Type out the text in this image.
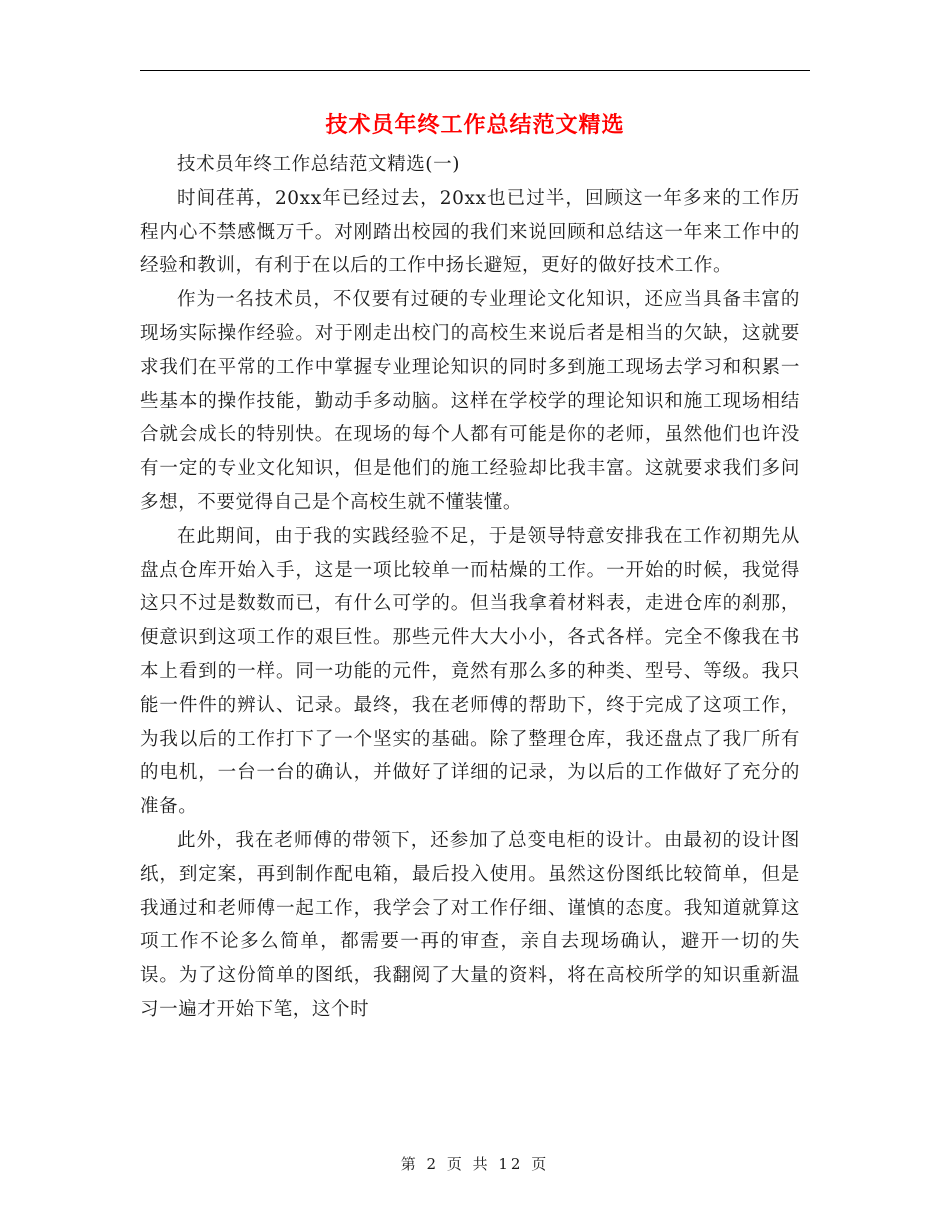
技术员年终工作总结范文精选

技术员年终工作总结范文精选(一)

时间荏苒，20xx年已经过去，20xx也已过半，回顾这一年多来的工作历程内心不禁感慨万千。对刚踏出校园的我们来说回顾和总结这一年来工作中的经验和教训，有利于在以后的工作中扬长避短，更好的做好技术工作。

作为一名技术员，不仅要有过硬的专业理论文化知识，还应当具备丰富的现场实际操作经验。对于刚走出校门的高校生来说后者是相当的欠缺，这就要求我们在平常的工作中掌握专业理论知识的同时多到施工现场去学习和积累一些基本的操作技能，勤动手多动脑。这样在学校学的理论知识和施工现场相结合就会成长的特别快。在现场的每个人都有可能是你的老师，虽然他们也许没有一定的专业文化知识，但是他们的施工经验却比我丰富。这就要求我们多问多想，不要觉得自己是个高校生就不懂装懂。

在此期间，由于我的实践经验不足，于是领导特意安排我在工作初期先从盘点仓库开始入手，这是一项比较单一而枯燥的工作。一开始的时候，我觉得这只不过是数数而已，有什么可学的。但当我拿着材料表，走进仓库的刹那，便意识到这项工作的艰巨性。那些元件大大小小，各式各样。完全不像我在书本上看到的一样。同一功能的元件，竟然有那么多的种类、型号、等级。我只能一件件的辨认、记录。最终，我在老师傅的帮助下，终于完成了这项工作，为我以后的工作打下了一个坚实的基础。除了整理仓库，我还盘点了我厂所有的电机，一台一台的确认，并做好了详细的记录，为以后的工作做好了充分的准备。

此外，我在老师傅的带领下，还参加了总变电柜的设计。由最初的设计图纸，到定案，再到制作配电箱，最后投入使用。虽然这份图纸比较简单，但是我通过和老师傅一起工作，我学会了对工作仔细、谨慎的态度。我知道就算这项工作不论多么简单，都需要一再的审查，亲自去现场确认，避开一切的失误。为了这份简单的图纸，我翻阅了大量的资料，将在高校所学的知识重新温习一遍才开始下笔，这个时

第 2 页 共 12 页
